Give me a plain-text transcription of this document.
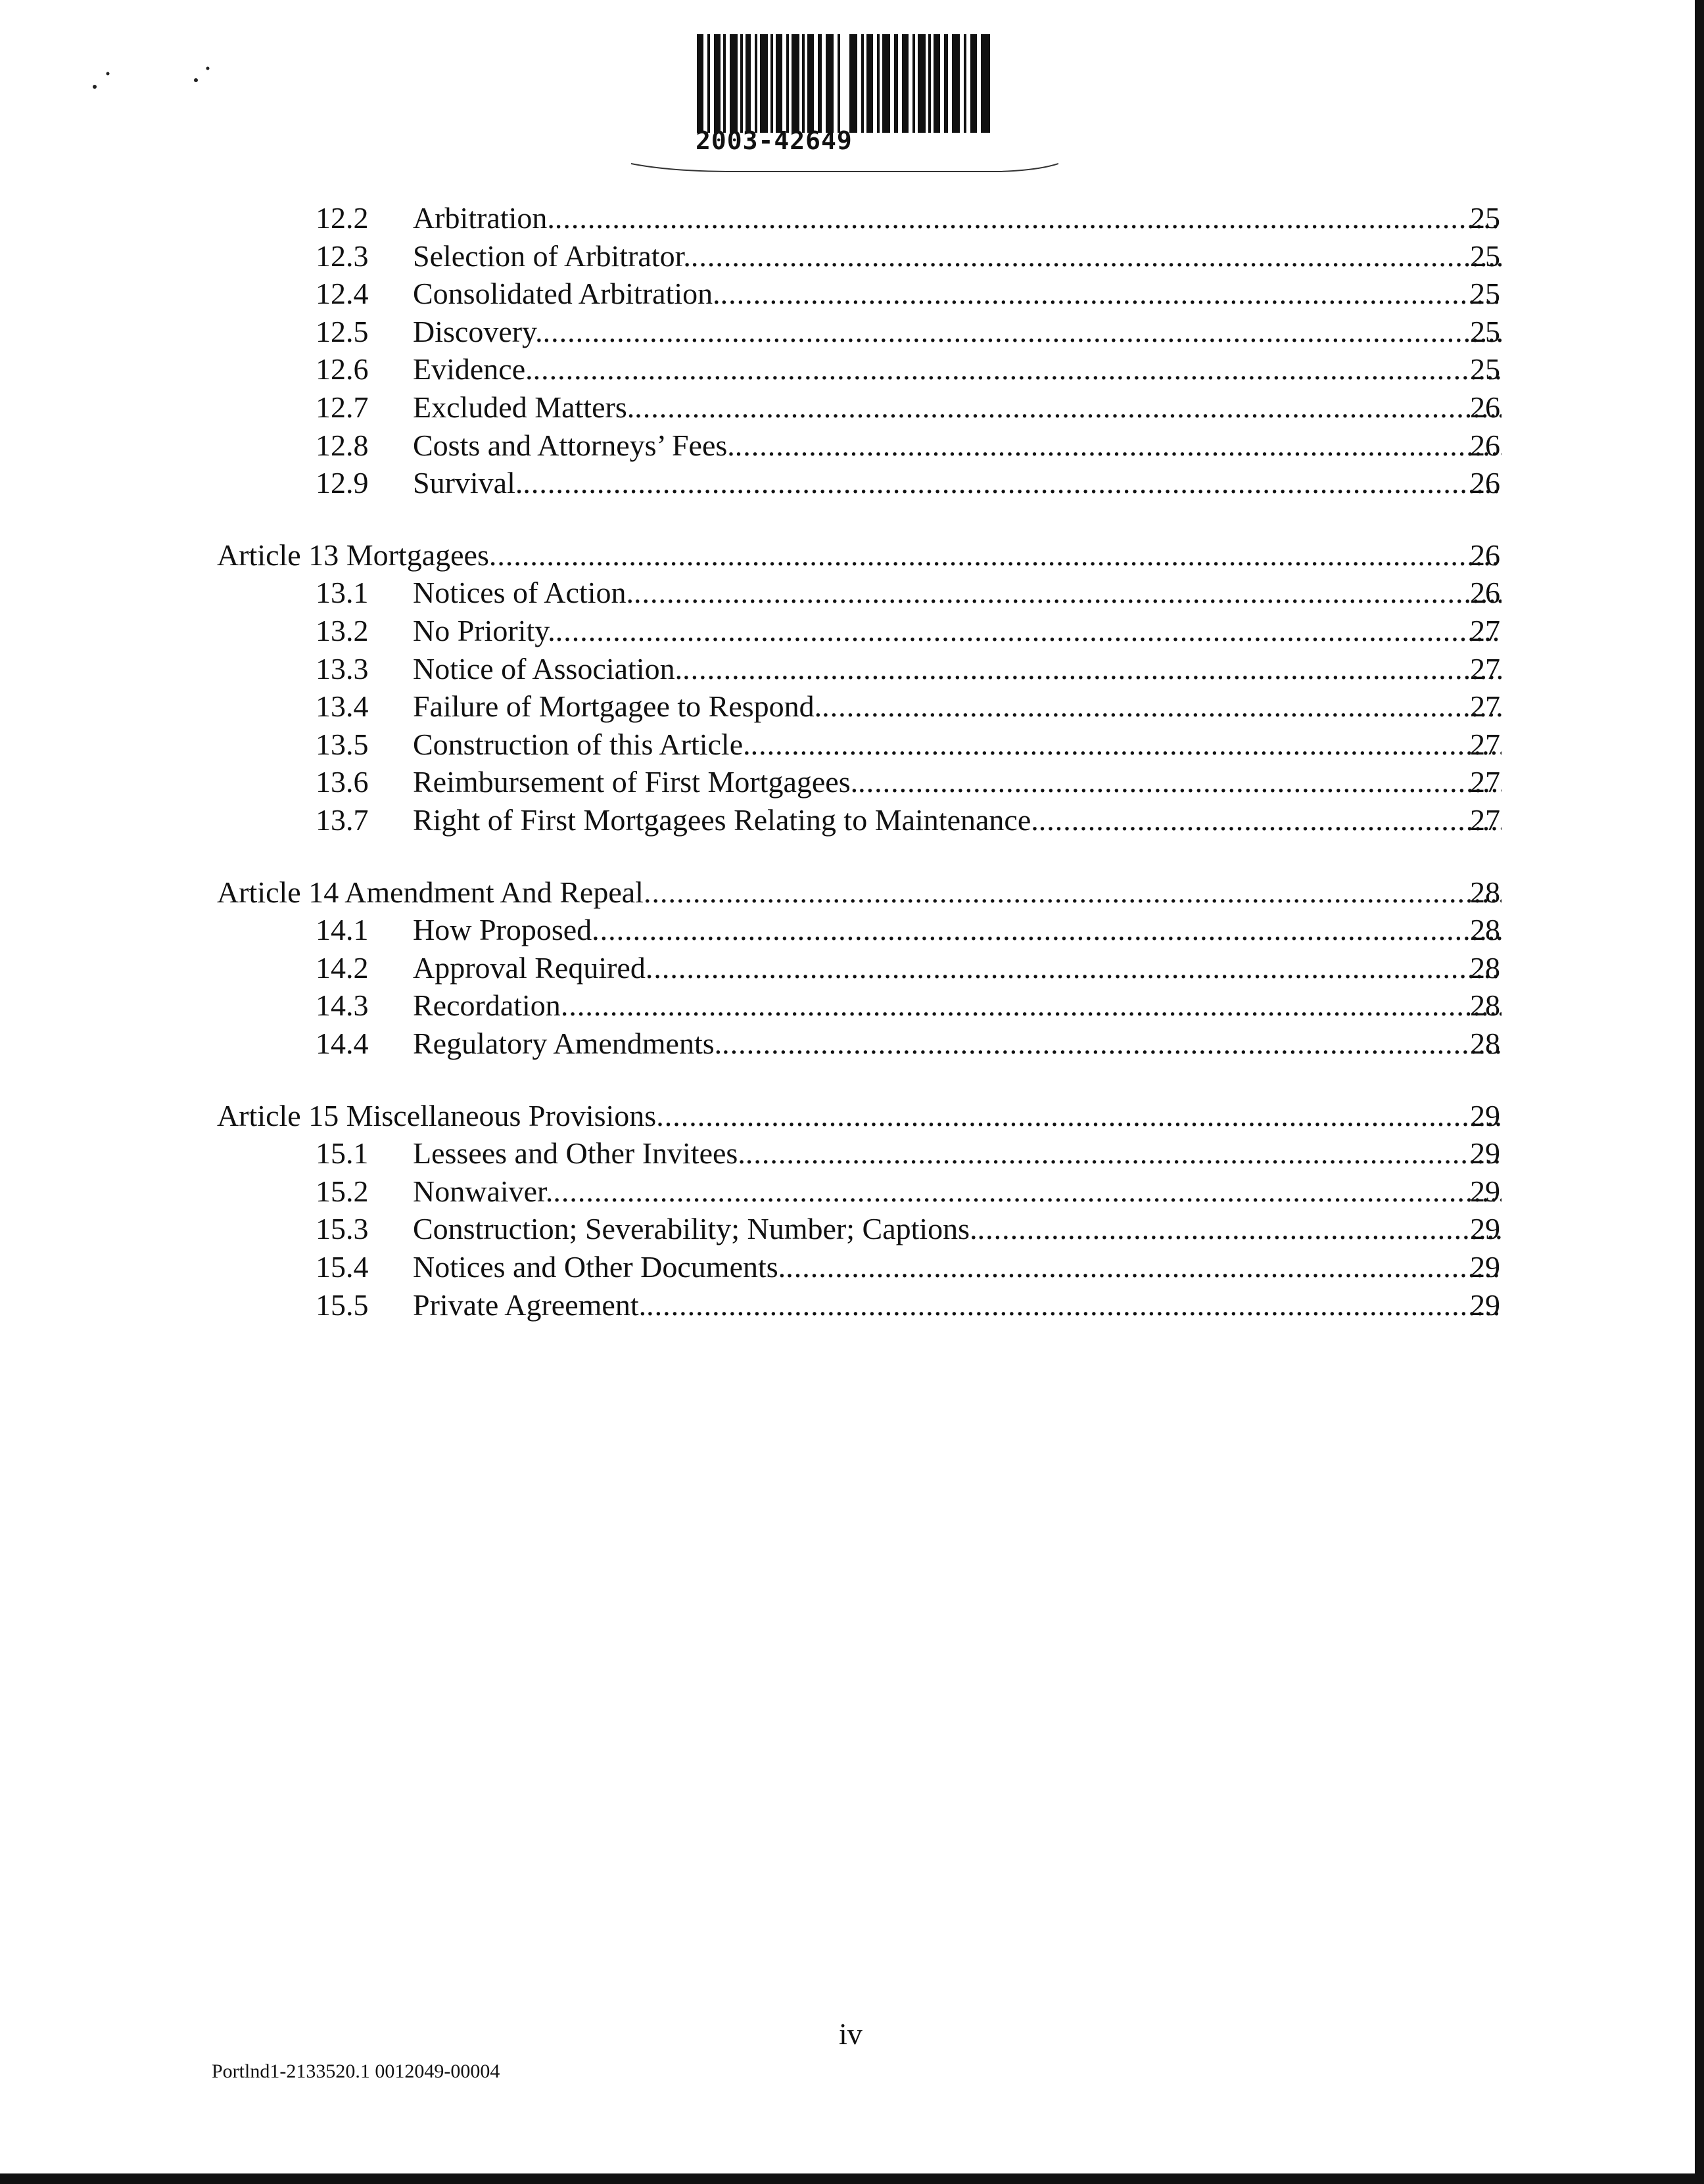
2003-42649
12.2 Arbitration. .....	25
12.3 Selection of Arbitrator. .....	25
12.4 Consolidated Arbitration. .....	25
12.5 Discovery. .....	25
12.6 Evidence. .....	25
12.7 Excluded Matters. .....	26
12.8 Costs and Attorneys’ Fees. .....	26
12.9 Survival. .....	26
Article 13 Mortgagees .....	26
13.1 Notices of Action. .....	26
13.2 No Priority. .....	27
13.3 Notice of Association. .....	27
13.4 Failure of Mortgagee to Respond. .....	27
13.5 Construction of this Article. .....	27
13.6 Reimbursement of First Mortgagees. .....	27
13.7 Right of First Mortgagees Relating to Maintenance. .....	27
Article 14 Amendment And Repeal .....	28
14.1 How Proposed .....	28
14.2 Approval Required .....	28
14.3 Recordation .....	28
14.4 Regulatory Amendments. .....	28
Article 15 Miscellaneous Provisions .....	29
15.1 Lessees and Other Invitees. .....	29
15.2 Nonwaiver. .....	29
15.3 Construction; Severability; Number; Captions. .....	29
15.4 Notices and Other Documents. .....	29
15.5 Private Agreement. .....	29
iv
Portlnd1-2133520.1 0012049-00004
